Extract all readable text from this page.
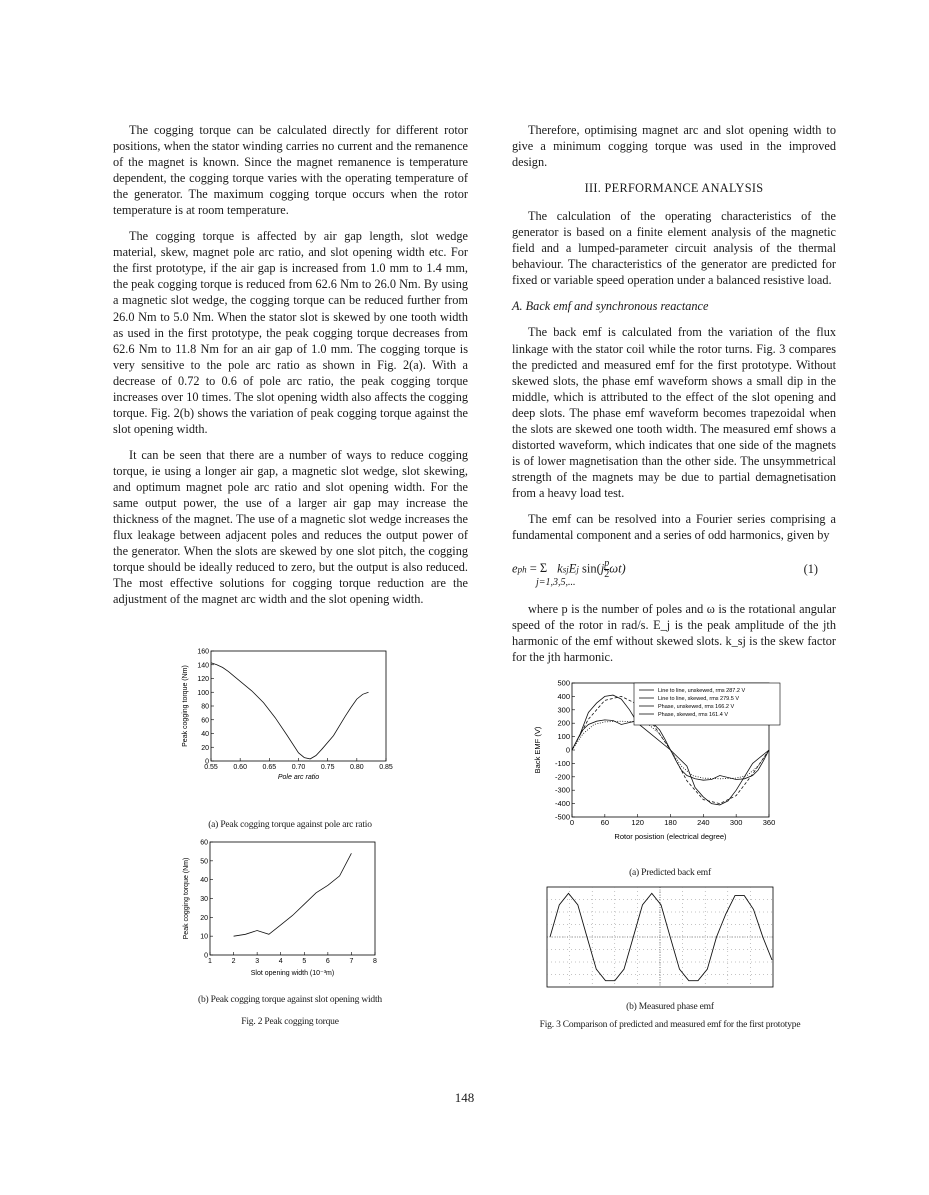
The cogging torque can be calculated directly for different rotor positions, when the stator winding carries no current and the remanence of the magnet is known. Since the magnet remanence is temperature dependent, the cogging torque varies with the operating temperature of the generator. The maximum cogging torque occurs when the rotor temperature is at room temperature.

The cogging torque is affected by air gap length, slot wedge material, skew, magnet pole arc ratio, and slot opening width etc. For the first prototype, if the air gap is increased from 1.0 mm to 1.4 mm, the peak cogging torque is reduced from 62.6 Nm to 26.0 Nm. By using a magnetic slot wedge, the cogging torque can be reduced further from 26.0 Nm to 5.0 Nm. When the stator slot is skewed by one tooth width as used in the first prototype, the peak cogging torque decreases from 62.6 Nm to 11.8 Nm for an air gap of 1.0 mm. The cogging torque is very sensitive to the pole arc ratio as shown in Fig. 2(a). With a decrease of 0.72 to 0.6 of pole arc ratio, the peak cogging torque increases over 10 times. The slot opening width also affects the cogging torque. Fig. 2(b) shows the variation of peak cogging torque against the slot opening width.

It can be seen that there are a number of ways to reduce cogging torque, ie using a longer air gap, a magnetic slot wedge, slot skewing, and optimum magnet pole arc ratio and slot opening width. For the same output power, the use of a larger air gap may increase the thickness of the magnet. The use of a magnetic slot wedge increases the flux leakage between adjacent poles and reduces the output power of the generator. When the slots are skewed by one slot pitch, the cogging torque should be ideally reduced to zero, but the output is also reduced. The most effective solutions for cogging torque reduction are the adjustment of the magnet arc width and the slot opening width.

Therefore, optimising magnet arc and slot opening width to give a minimum cogging torque was used in the improved design.

III. PERFORMANCE ANALYSIS

The calculation of the operating characteristics of the generator is based on a finite element analysis of the magnetic field and a lumped-parameter circuit analysis of the thermal behaviour. The characteristics of the generator are predicted for fixed or variable speed operation under a balanced resistive load.

A. Back emf and synchronous reactance

The back emf is calculated from the variation of the flux linkage with the stator coil while the rotor turns. Fig. 3 compares the predicted and measured emf for the first prototype. Without skewed slots, the phase emf waveform shows a small dip in the middle, which is attributed to the effect of the slot opening and deep slots. The phase emf waveform becomes trapezoidal when the slots are skewed one tooth width. The measured emf shows a distorted waveform, which indicates that one side of the magnets is of lower magnetisation than the other side. The unsymmetrical strength of the magnets may be due to partial demagnetisation from a heavy load test.

The emf can be resolved into a Fourier series comprising a fundamental component and a series of odd harmonics, given by

eph = Σ ksjEj $\sin(j \frac{p}{2} \omega t)$
j=1,3,5,...
(1)

where p is the number of poles and ω is the rotational angular speed of the rotor in rad/s. E_j is the peak amplitude of the jth harmonic of the emf without skewed slots. k_sj is the skew factor for the jth harmonic.

0.55 0.60 0.65 0.70 0.75 0.80 0.85
0
20
40
60
80
100
120
140
160
Pole arc ratio
Peak cogging torque (Nm)
(a) Peak cogging torque against pole arc ratio
1	2	3	4	5	6	7	8
0
10
20
30
40
50
60
Slot opening width (10⁻³m)
Peak cogging torque (Nm)
(b) Peak cogging torque against slot opening width
Fig. 2 Peak cogging torque
0	60	120	180	240	300	360
-500
-400
-300
-200
-100
0
100
200
300
400
500
Rotor posistion (electrical degree)
Back EMF (V)
Line to line, unskewed, rms 287.2 V
Line to line, skewed, rms 279.5 V
Phase, unskewed, rms 166.2 V
Phase, skewed, rms 161.4 V
(a) Predicted back emf
(b) Measured phase emf
Fig. 3 Comparison of predicted and measured emf for the first prototype
148
